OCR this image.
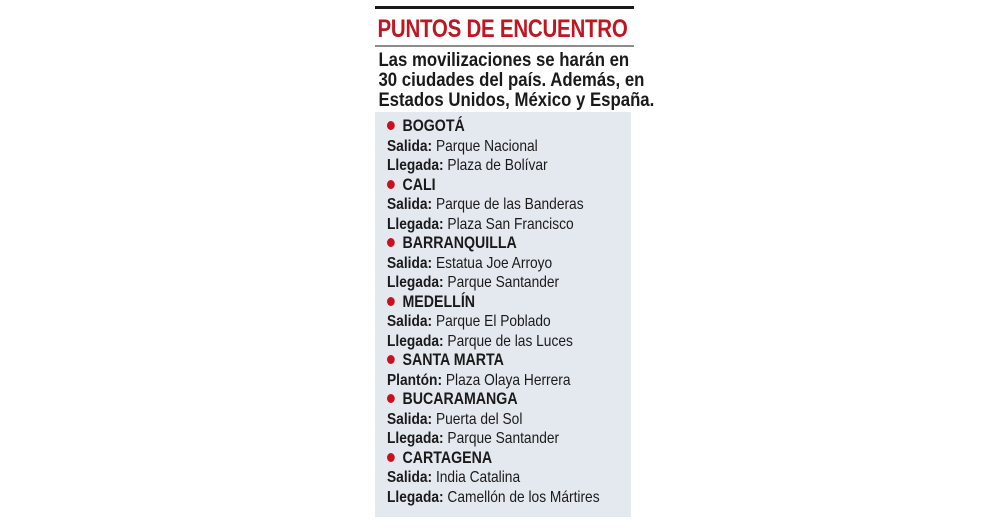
PUNTOS DE ENCUENTRO
Las movilizaciones se harán en
30 ciudades del país. Además, en
Estados Unidos, México y España.
BOGOTÁ
Salida: Parque Nacional
Llegada: Plaza de Bolívar
CALI
Salida: Parque de las Banderas
Llegada: Plaza San Francisco
BARRANQUILLA
Salida: Estatua Joe Arroyo
Llegada: Parque Santander
MEDELLÍN
Salida: Parque El Poblado
Llegada: Parque de las Luces
SANTA MARTA
Plantón: Plaza Olaya Herrera
BUCARAMANGA
Salida: Puerta del Sol
Llegada: Parque Santander
CARTAGENA
Salida: India Catalina
Llegada: Camellón de los Mártires
